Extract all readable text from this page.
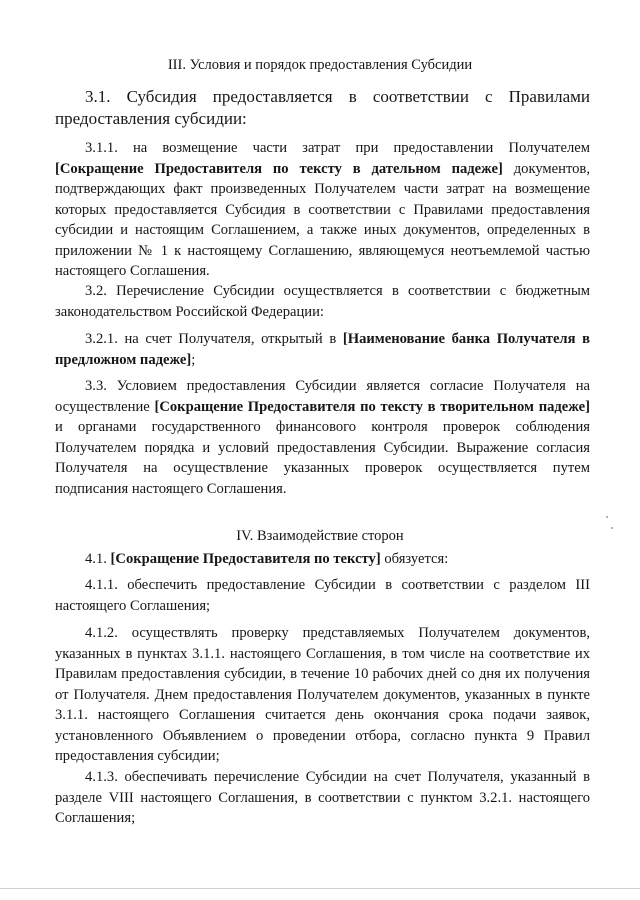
III. Условия и порядок предоставления Субсидии

3.1. Субсидия предоставляется в соответствии с Правилами предоставления субсидии:

3.1.1. на возмещение части затрат при предоставлении Получателем [Сокращение Предоставителя по тексту в дательном падеже] документов, подтверждающих факт произведенных Получателем части затрат на возмещение которых предоставляется Субсидия в соответствии с Правилами предоставления субсидии и настоящим Соглашением, а также иных документов, определенных в приложении № 1 к настоящему Соглашению, являющемуся неотъемлемой частью настоящего Соглашения.

3.2. Перечисление Субсидии осуществляется в соответствии с бюджетным законодательством Российской Федерации:

3.2.1. на счет Получателя, открытый в [Наименование банка Получателя в предложном падеже];

3.3. Условием предоставления Субсидии является согласие Получателя на осуществление [Сокращение Предоставителя по тексту в творительном падеже] и органами государственного финансового контроля проверок соблюдения Получателем порядка и условий предоставления Субсидии. Выражение согласия Получателя на осуществление указанных проверок осуществляется путем подписания настоящего Соглашения.

IV. Взаимодействие сторон

4.1. [Сокращение Предоставителя по тексту] обязуется:

4.1.1. обеспечить предоставление Субсидии в соответствии с разделом III настоящего Соглашения;

4.1.2. осуществлять проверку представляемых Получателем документов, указанных в пунктах 3.1.1. настоящего Соглашения, в том числе на соответствие их Правилам предоставления субсидии, в течение 10 рабочих дней со дня их получения от Получателя. Днем предоставления Получателем документов, указанных в пункте 3.1.1. настоящего Соглашения считается день окончания срока подачи заявок, установленного Объявлением о проведении отбора, согласно пункта 9 Правил предоставления субсидии;

4.1.3. обеспечивать перечисление Субсидии на счет Получателя, указанный в разделе VIII настоящего Соглашения, в соответствии с пунктом 3.2.1. настоящего Соглашения;
